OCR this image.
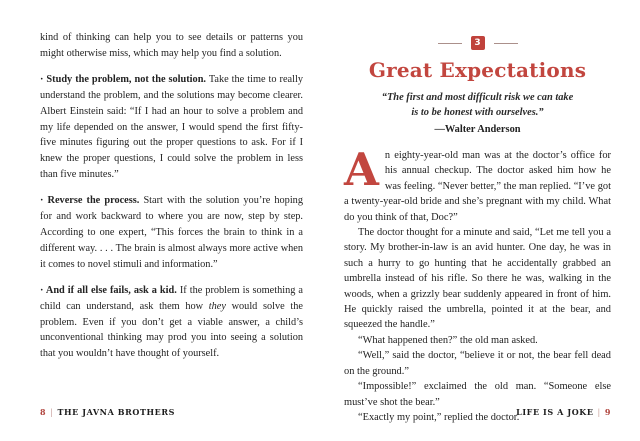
kind of thinking can help you to see details or patterns you might otherwise miss, which may help you find a solution.

· Study the problem, not the solution. Take the time to really understand the problem, and the solutions may become clearer. Albert Einstein said: “If I had an hour to solve a problem and my life depended on the answer, I would spend the first fifty-five minutes figuring out the proper questions to ask. For if I knew the proper questions, I could solve the problem in less than five minutes.”

· Reverse the process. Start with the solution you’re hoping for and work backward to where you are now, step by step. According to one expert, “This forces the brain to think in a different way. . . . The brain is almost always more active when it comes to novel stimuli and information.”

· And if all else fails, ask a kid. If the problem is something a child can understand, ask them how they would solve the problem. Even if you don’t get a viable answer, a child’s unconventional thinking may prod you into seeing a solution that you wouldn’t have thought of yourself.

3
Great Expectations
“The first and most difficult risk we can take
is to be honest with ourselves.”
—Walter Anderson

An eighty-year-old man was at the doctor’s office for his annual checkup. The doctor asked him how he was feeling. “Never better,” the man replied. “I’ve got a twenty-year-old bride and she’s pregnant with my child. What do you think of that, Doc?”

The doctor thought for a minute and said, “Let me tell you a story. My brother-in-law is an avid hunter. One day, he was in such a hurry to go hunting that he accidentally grabbed an umbrella instead of his rifle. So there he was, walking in the woods, when a grizzly bear suddenly appeared in front of him. He quickly raised the umbrella, pointed it at the bear, and squeezed the handle.”

“What happened then?” the old man asked.

“Well,” said the doctor, “believe it or not, the bear fell dead on the ground.”

“Impossible!” exclaimed the old man. “Someone else must’ve shot the bear.”

“Exactly my point,” replied the doctor.

8 | THE JAVNA BROTHERS	LIFE IS A JOKE | 9
